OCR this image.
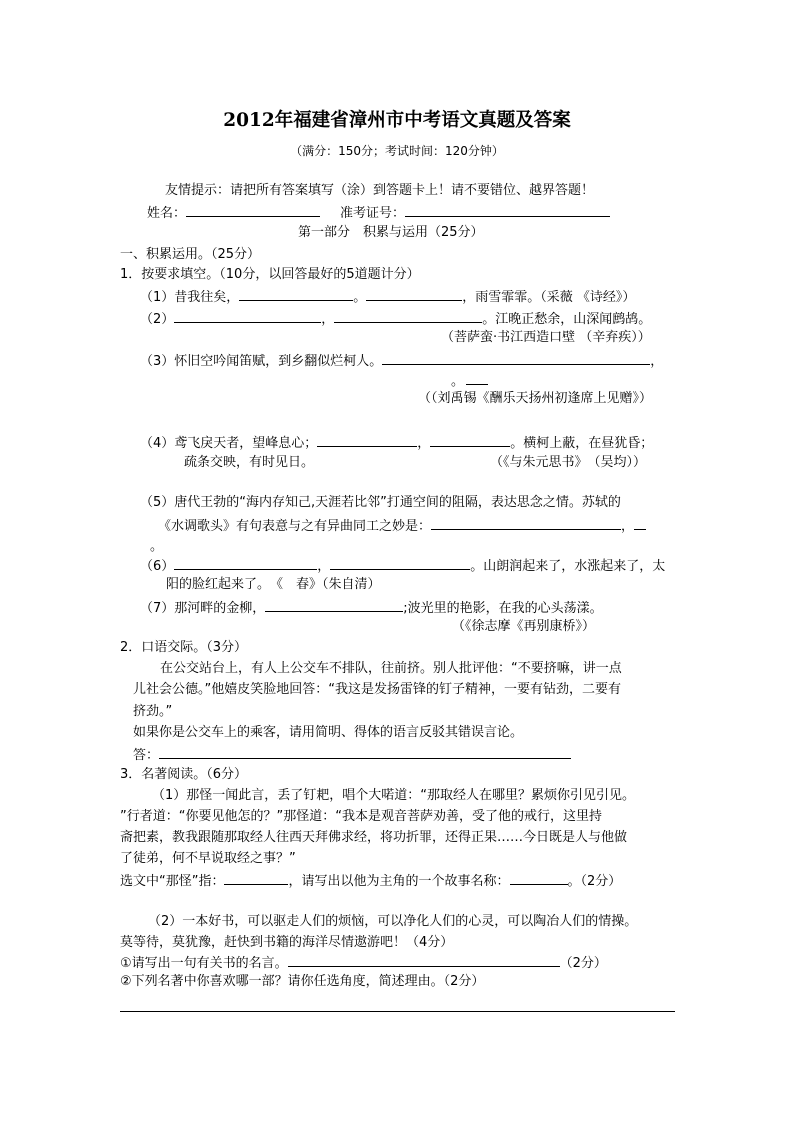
2012年福建省漳州市中考语文真题及答案
（满分：150分；考试时间：120分钟）
友情提示：请把所有答案填写（涂）到答题卡上！请不要错位、越界答题！
姓名：	准考证号：
第一部分　积累与运用（25分）
一、积累运用。（25分）
1．按要求填空。（10分，以回答最好的5道题计分）
（1）昔我往矣，	。	，雨雪霏霏。（采薇 《诗经》）
（2）	，	。江晚正愁余，山深闻鹧鸪。
（菩萨蛮·书江西造口壁 （辛弃疾））
（3）怀旧空吟闻笛赋，到乡翻似烂柯人。	，
。
（（刘禹锡《酬乐天扬州初逢席上见赠》）
（4）鸢飞戾天者，望峰息心；	，	。横柯上蔽，在昼犹昏；
疏条交映，有时见日。	（《与朱元思书》　（吴均））
（5）唐代王勃的“海内存知己,天涯若比邻”打通空间的阻隔，表达思念之情。苏轼的
《水调歌头》有句表意与之有异曲同工之妙是：	，
。
（6）	，	。山朗润起来了，水涨起来了，太
阳的脸红起来了。　《　春》（朱自清）
（7）那河畔的金柳，	;波光里的艳影，在我的心头荡漾。
（《徐志摩《再别康桥》）
2．口语交际。（3分）
在公交站台上，有人上公交车不排队，往前挤。别人批评他：“不要挤嘛，讲一点
儿社会公德。”他嬉皮笑脸地回答：“我这是发扬雷锋的钉子精神，一要有钻劲，二要有
挤劲。”
如果你是公交车上的乘客，请用简明、得体的语言反驳其错误言论。
答：
3．名著阅读。（6分）
（1）那怪一闻此言，丢了钉耙，唱个大喏道：“那取经人在哪里？累烦你引见引见。
”行者道：“你要见他怎的？”那怪道：“我本是观音菩萨劝善，受了他的戒行，这里持
斋把素，教我跟随那取经人往西天拜佛求经，将功折罪，还得正果……今日既是人与他做
了徒弟，何不早说取经之事？”
选文中“那怪”指：	，请写出以他为主角的一个故事名称：	。（2分）
（2）一本好书，可以驱走人们的烦恼，可以净化人们的心灵，可以陶冶人们的情操。
莫等待，莫犹豫，赶快到书籍的海洋尽情遨游吧！（4分）
①请写出一句有关书的名言。	（2分）
②下列名著中你喜欢哪一部？请你任选角度，简述理由。（2分）
